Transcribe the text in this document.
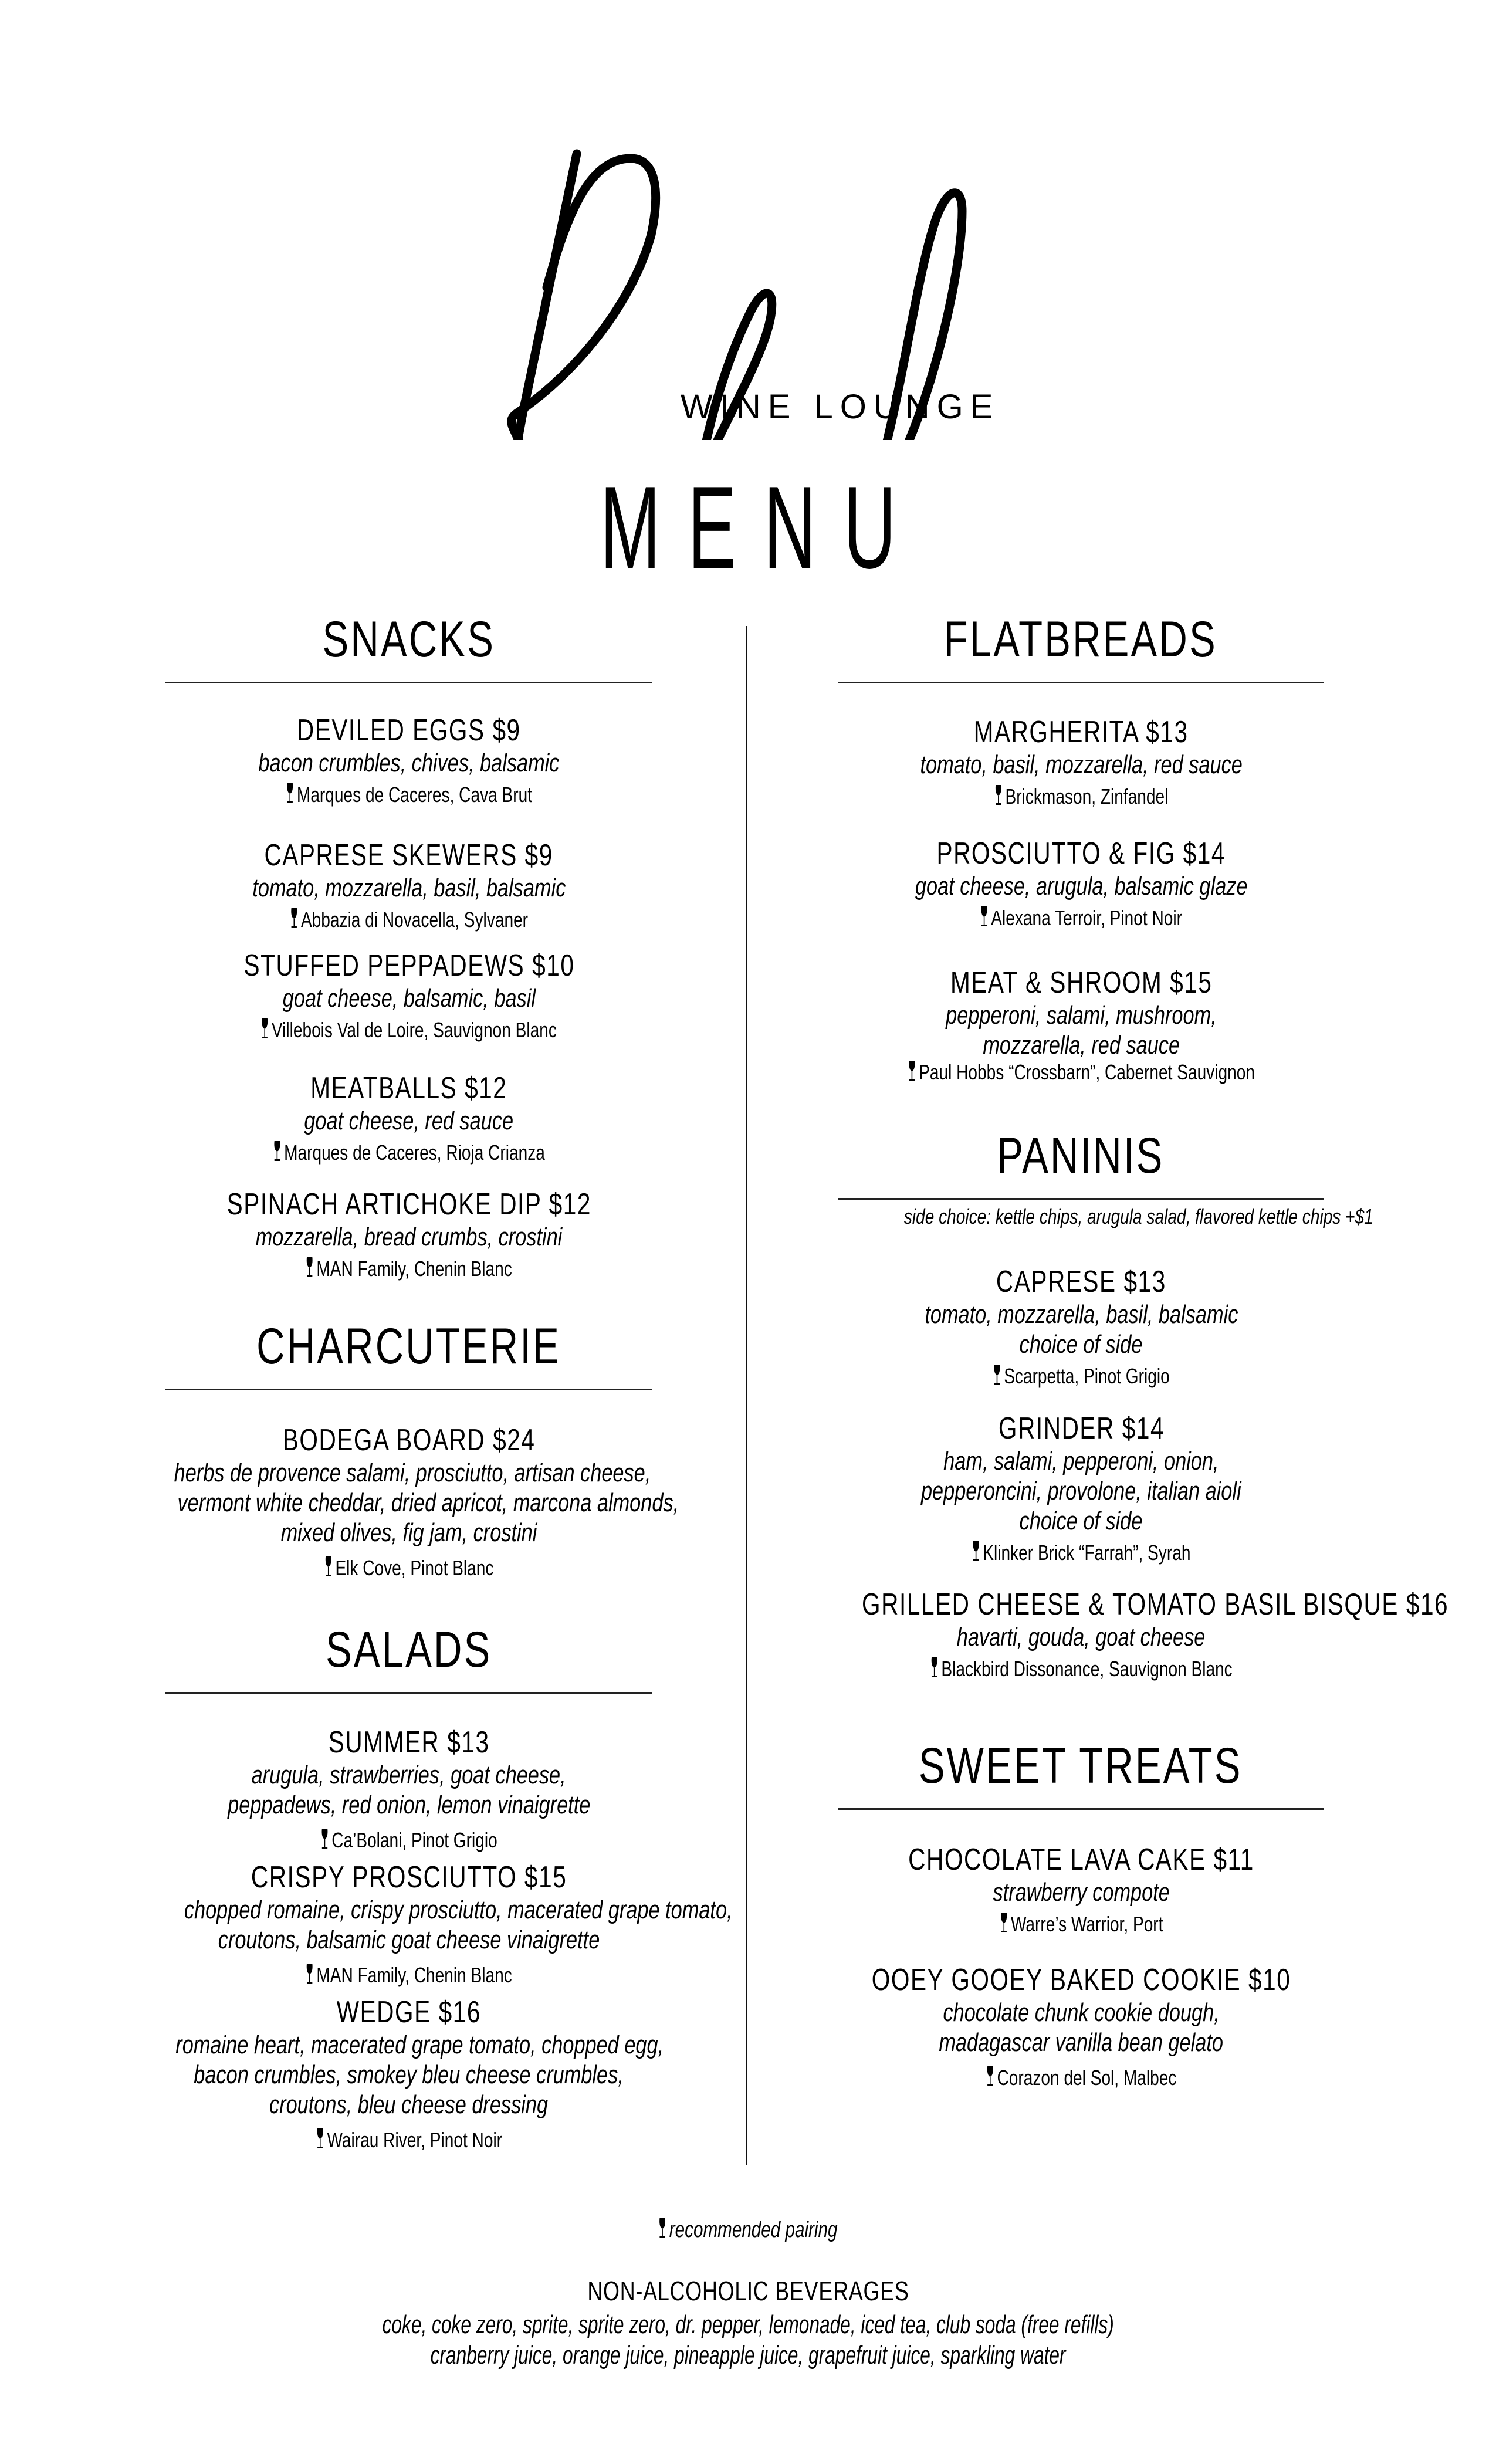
WINE LOUNGE
MENU
SNACKS
DEVILED EGGS $9
bacon crumbles, chives, balsamic
Marques de Caceres, Cava Brut
CAPRESE SKEWERS $9
tomato, mozzarella, basil, balsamic
Abbazia di Novacella, Sylvaner
STUFFED PEPPADEWS $10
goat cheese, balsamic, basil
Villebois Val de Loire, Sauvignon Blanc
MEATBALLS $12
goat cheese, red sauce
Marques de Caceres, Rioja Crianza
SPINACH ARTICHOKE DIP $12
mozzarella, bread crumbs, crostini
MAN Family, Chenin Blanc
CHARCUTERIE
BODEGA BOARD $24
herbs de provence salami, prosciutto, artisan cheese,
vermont white cheddar, dried apricot, marcona almonds,
mixed olives, fig jam, crostini
Elk Cove, Pinot Blanc
SALADS
SUMMER $13
arugula, strawberries, goat cheese,
peppadews, red onion, lemon vinaigrette
Ca’Bolani, Pinot Grigio
CRISPY PROSCIUTTO $15
chopped romaine, crispy prosciutto, macerated grape tomato,
croutons, balsamic goat cheese vinaigrette
MAN Family, Chenin Blanc
WEDGE $16
romaine heart, macerated grape tomato, chopped egg,
bacon crumbles, smokey bleu cheese crumbles,
croutons, bleu cheese dressing
Wairau River, Pinot Noir
FLATBREADS
MARGHERITA $13
tomato, basil, mozzarella, red sauce
Brickmason, Zinfandel
PROSCIUTTO & FIG $14
goat cheese, arugula, balsamic glaze
Alexana Terroir, Pinot Noir
MEAT & SHROOM $15
pepperoni, salami, mushroom,
mozzarella, red sauce
Paul Hobbs “Crossbarn”, Cabernet Sauvignon
PANINIS
side choice: kettle chips, arugula salad, flavored kettle chips +$1
CAPRESE $13
tomato, mozzarella, basil, balsamic
choice of side
Scarpetta, Pinot Grigio
GRINDER $14
ham, salami, pepperoni, onion,
pepperoncini, provolone, italian aioli
choice of side
Klinker Brick “Farrah”, Syrah
GRILLED CHEESE & TOMATO BASIL BISQUE $16
havarti, gouda, goat cheese
Blackbird Dissonance, Sauvignon Blanc
SWEET TREATS
CHOCOLATE LAVA CAKE $11
strawberry compote
Warre’s Warrior, Port
OOEY GOOEY BAKED COOKIE $10
chocolate chunk cookie dough,
madagascar vanilla bean gelato
Corazon del Sol, Malbec
recommended pairing
NON-ALCOHOLIC BEVERAGES
coke, coke zero, sprite, sprite zero, dr. pepper, lemonade, iced tea, club soda (free refills)
cranberry juice, orange juice, pineapple juice, grapefruit juice, sparkling water
